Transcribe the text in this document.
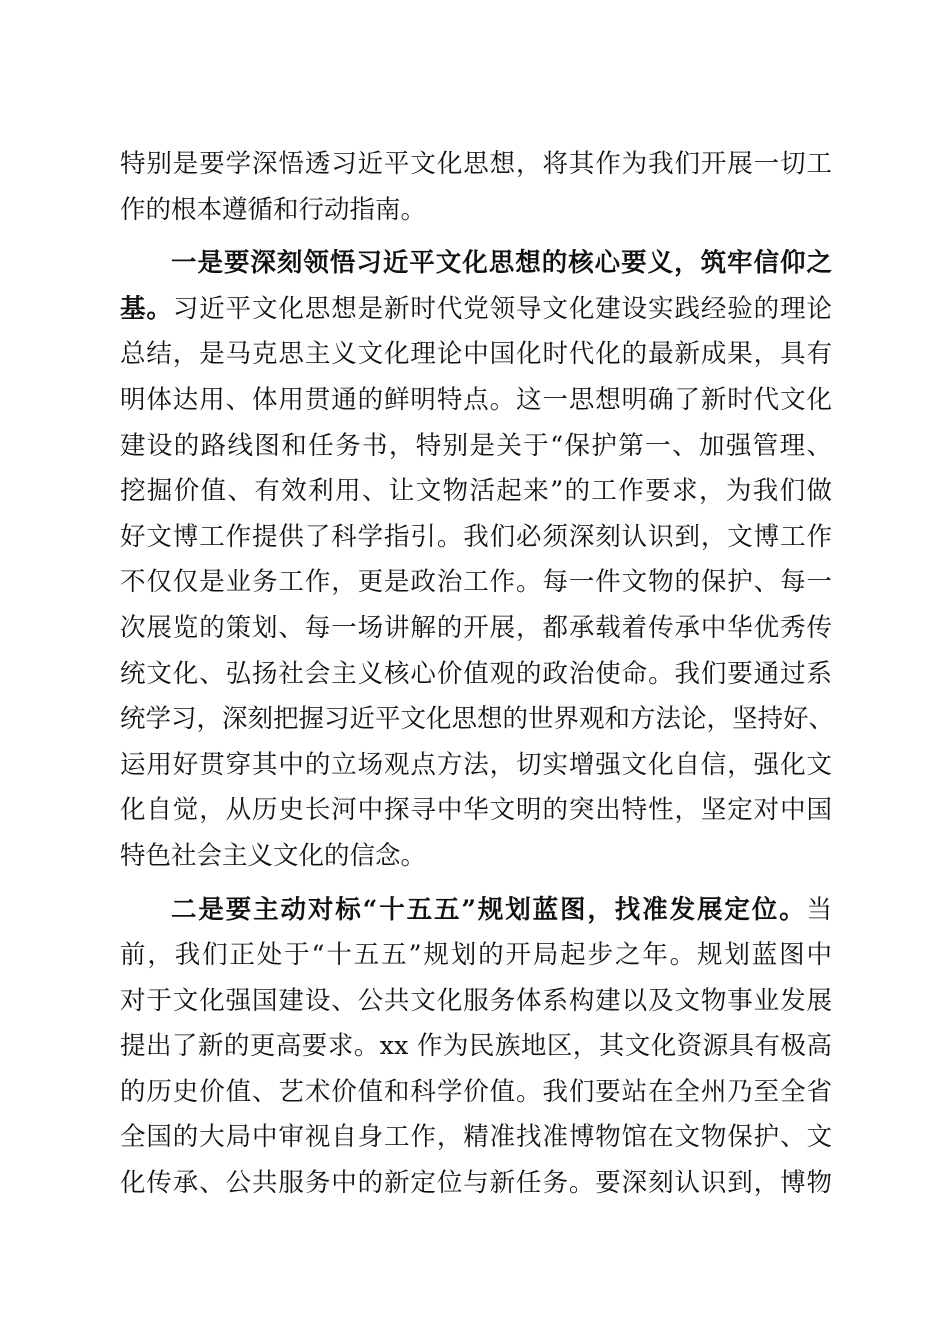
特别是要学深悟透习近平文化思想，将其作为我们开展一切工
作的根本遵循和行动指南。
一是要深刻领悟习近平文化思想的核心要义，筑牢信仰之
基。习近平文化思想是新时代党领导文化建设实践经验的理论
总结，是马克思主义文化理论中国化时代化的最新成果，具有
明体达用、体用贯通的鲜明特点。这一思想明确了新时代文化
建设的路线图和任务书，特别是关于“保护第一、加强管理、
挖掘价值、有效利用、让文物活起来”的工作要求，为我们做
好文博工作提供了科学指引。我们必须深刻认识到，文博工作
不仅仅是业务工作，更是政治工作。每一件文物的保护、每一
次展览的策划、每一场讲解的开展，都承载着传承中华优秀传
统文化、弘扬社会主义核心价值观的政治使命。我们要通过系
统学习，深刻把握习近平文化思想的世界观和方法论，坚持好、
运用好贯穿其中的立场观点方法，切实增强文化自信，强化文
化自觉，从历史长河中探寻中华文明的突出特性，坚定对中国
特色社会主义文化的信念。
二是要主动对标“十五五”规划蓝图，找准发展定位。当
前，我们正处于“十五五”规划的开局起步之年。规划蓝图中
对于文化强国建设、公共文化服务体系构建以及文物事业发展
提出了新的更高要求。xx 作为民族地区，其文化资源具有极高
的历史价值、艺术价值和科学价值。我们要站在全州乃至全省
全国的大局中审视自身工作，精准找准博物馆在文物保护、文
化传承、公共服务中的新定位与新任务。要深刻认识到，博物
